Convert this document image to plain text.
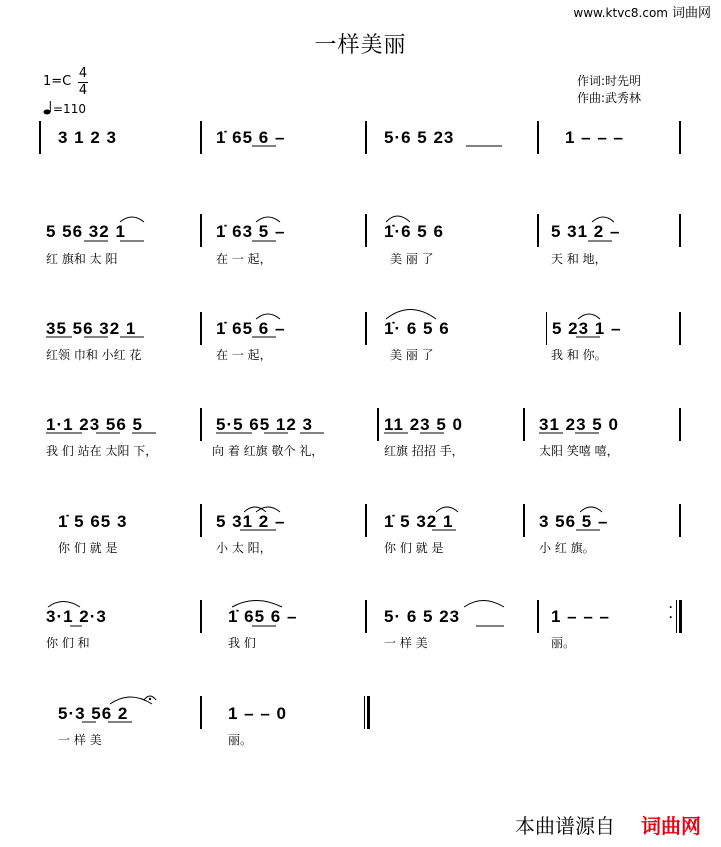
www.ktvc8.com 词曲网
一样美丽
1=C
4
4
=110
作词:时先明
作曲:武秀林
3 1 2 3	1̇ 65 6 –	5·6 5 23	1 – – –
5 56 32 1	1̇ 63 5 –	1̇·6 5 6	5 31 2 –
红 旗和 太 阳	在 一 起，	美 丽 了	天 和 地，
35 56 32 1	1̇ 65 6 –	1̇· 6 5 6	5 23 1 –
红领 巾和 小红 花	在 一 起，	美 丽 了	我 和 你。
1·1 23 56 5	5·5 65 12 3	11 23 5 0	31 23 5 0
我 们 站在 太阳 下，	向 着 红旗 敬个 礼，	红旗 招招 手，	太阳 笑嘻 嘻，
1̇ 5 65 3	5 31 2 –	1̇ 5 32 1	3 56 5 –
你 们 就 是	小 太 阳，	你 们 就 是	小 红 旗。
3·1 2·3	1̇ 65 6 –	5· 6 5 23	1 – – –	·
·
你 们 和	我 们	一 样 美	丽。
5·3 56 2	1 – – 0
一 样 美	丽。
本曲谱源自 词曲网
